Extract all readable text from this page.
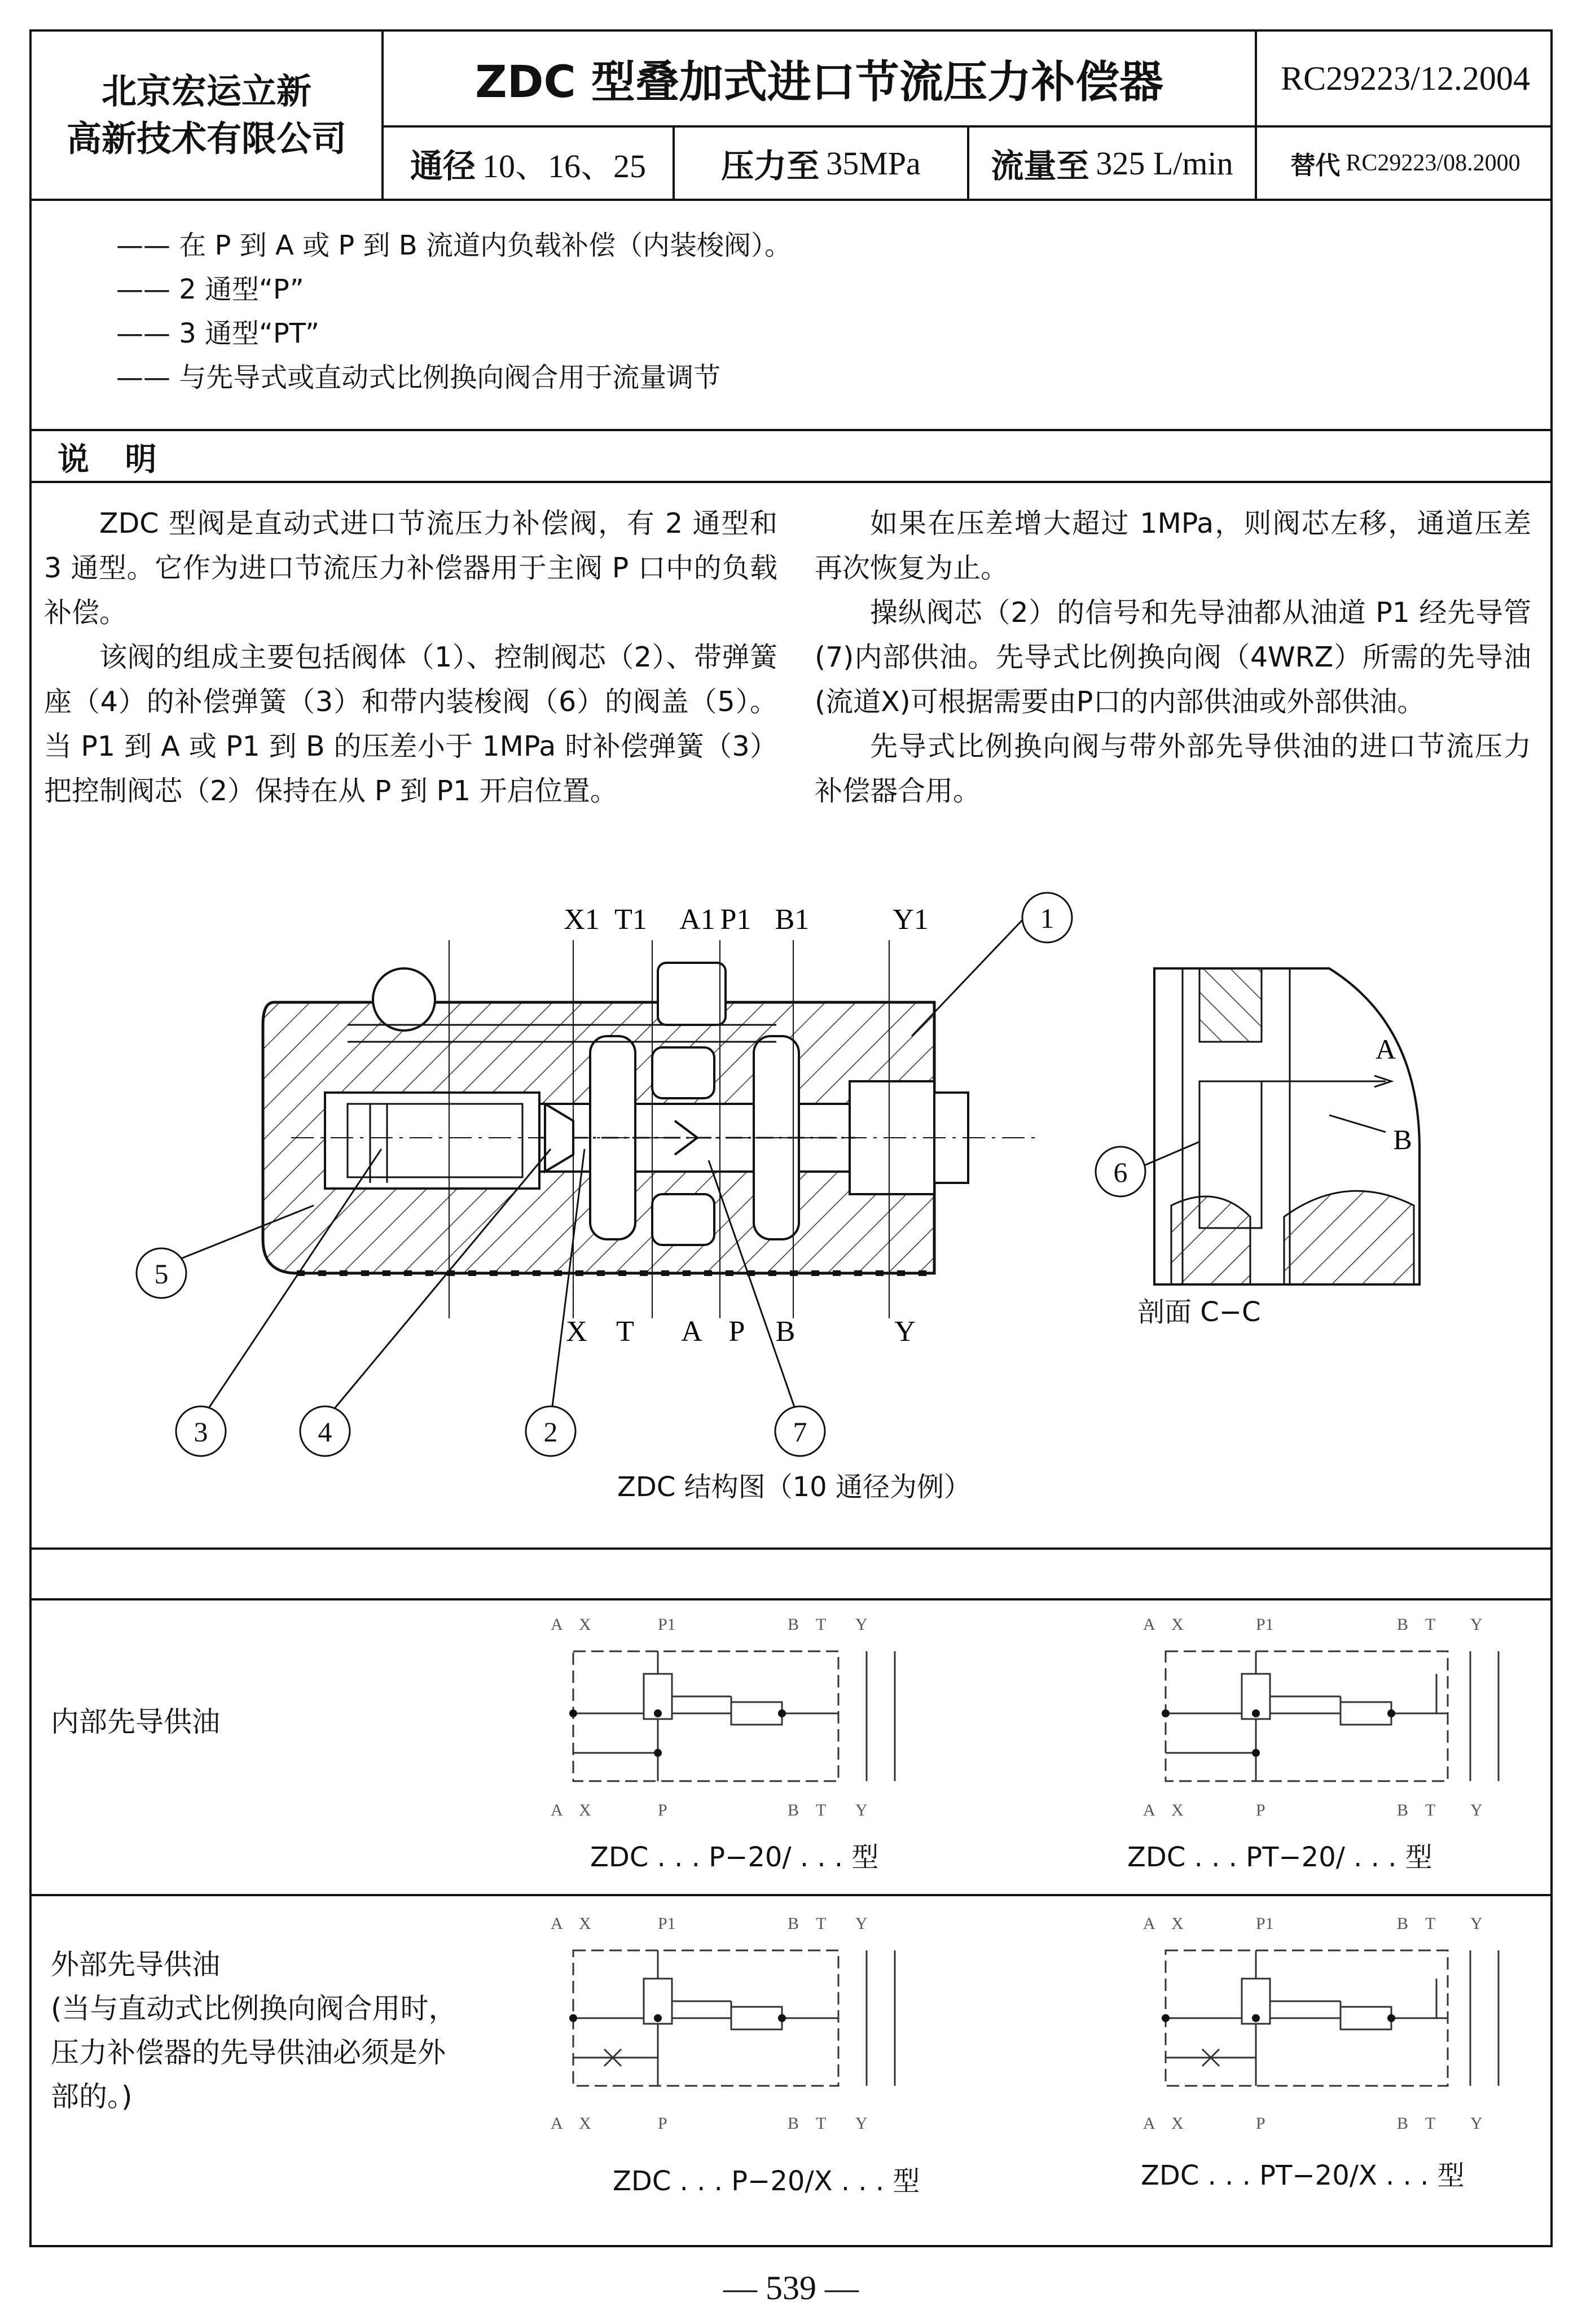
北京宏运立新
高新技术有限公司
ZDC 型叠加式进口节流压力补偿器	RC29223/12.2004
通径 10、16、25 压力至 35MPa 流量至 325 L/min 替代 RC29223/08.2000
—— 在 P 到 A 或 P 到 B 流道内负载补偿（内装梭阀）。
—— 2 通型“P”
—— 3 通型“PT”
—— 与先导式或直动式比例换向阀合用于流量调节
说 明

ZDC 型阀是直动式进口节流压力补偿阀，有 2 通型和 3 通型。它作为进口节流压力补偿器用于主阀 P 口中的负载补偿。

该阀的组成主要包括阀体（1）、控制阀芯（2）、带弹簧座（4）的补偿弹簧（3）和带内装梭阀（6）的阀盖（5）。当 P1 到 A 或 P1 到 B 的压差小于 1MPa 时补偿弹簧（3）把控制阀芯（2）保持在从 P 到 P1 开启位置。

如果在压差增大超过 1MPa，则阀芯左移，通道压差再次恢复为止。

操纵阀芯（2）的信号和先导油都从油道 P1 经先导管(7)内部供油。先导式比例换向阀（4WRZ）所需的先导油(流道X)可根据需要由P口的内部供油或外部供油。

先导式比例换向阀与带外部先导供油的进口节流压力补偿器合用。

X1 T1 A1 P1 B1	Y1
X T A P B	Y
1
2
3	4
5
6
7
A
B
剖面 C−C
ZDC 结构图（10 通径为例）
内部先导供油
外部先导供油
(当与直动式比例换向阀合用时，
压力补偿器的先导供油必须是外
部的。)
ZDC . . . P−20/ . . . 型	ZDC . . . PT−20/ . . . 型
ZDC . . . P−20/X . . . 型	ZDC . . . PT−20/X . . . 型
A X	P1	B T Y
A X	P	B T Y
A X	P1	B T Y
A X	P	B T Y
A X	P1	B T Y
A X	P	B T Y
A X	P1	B T Y
A X	P	B T Y
— 539 —
